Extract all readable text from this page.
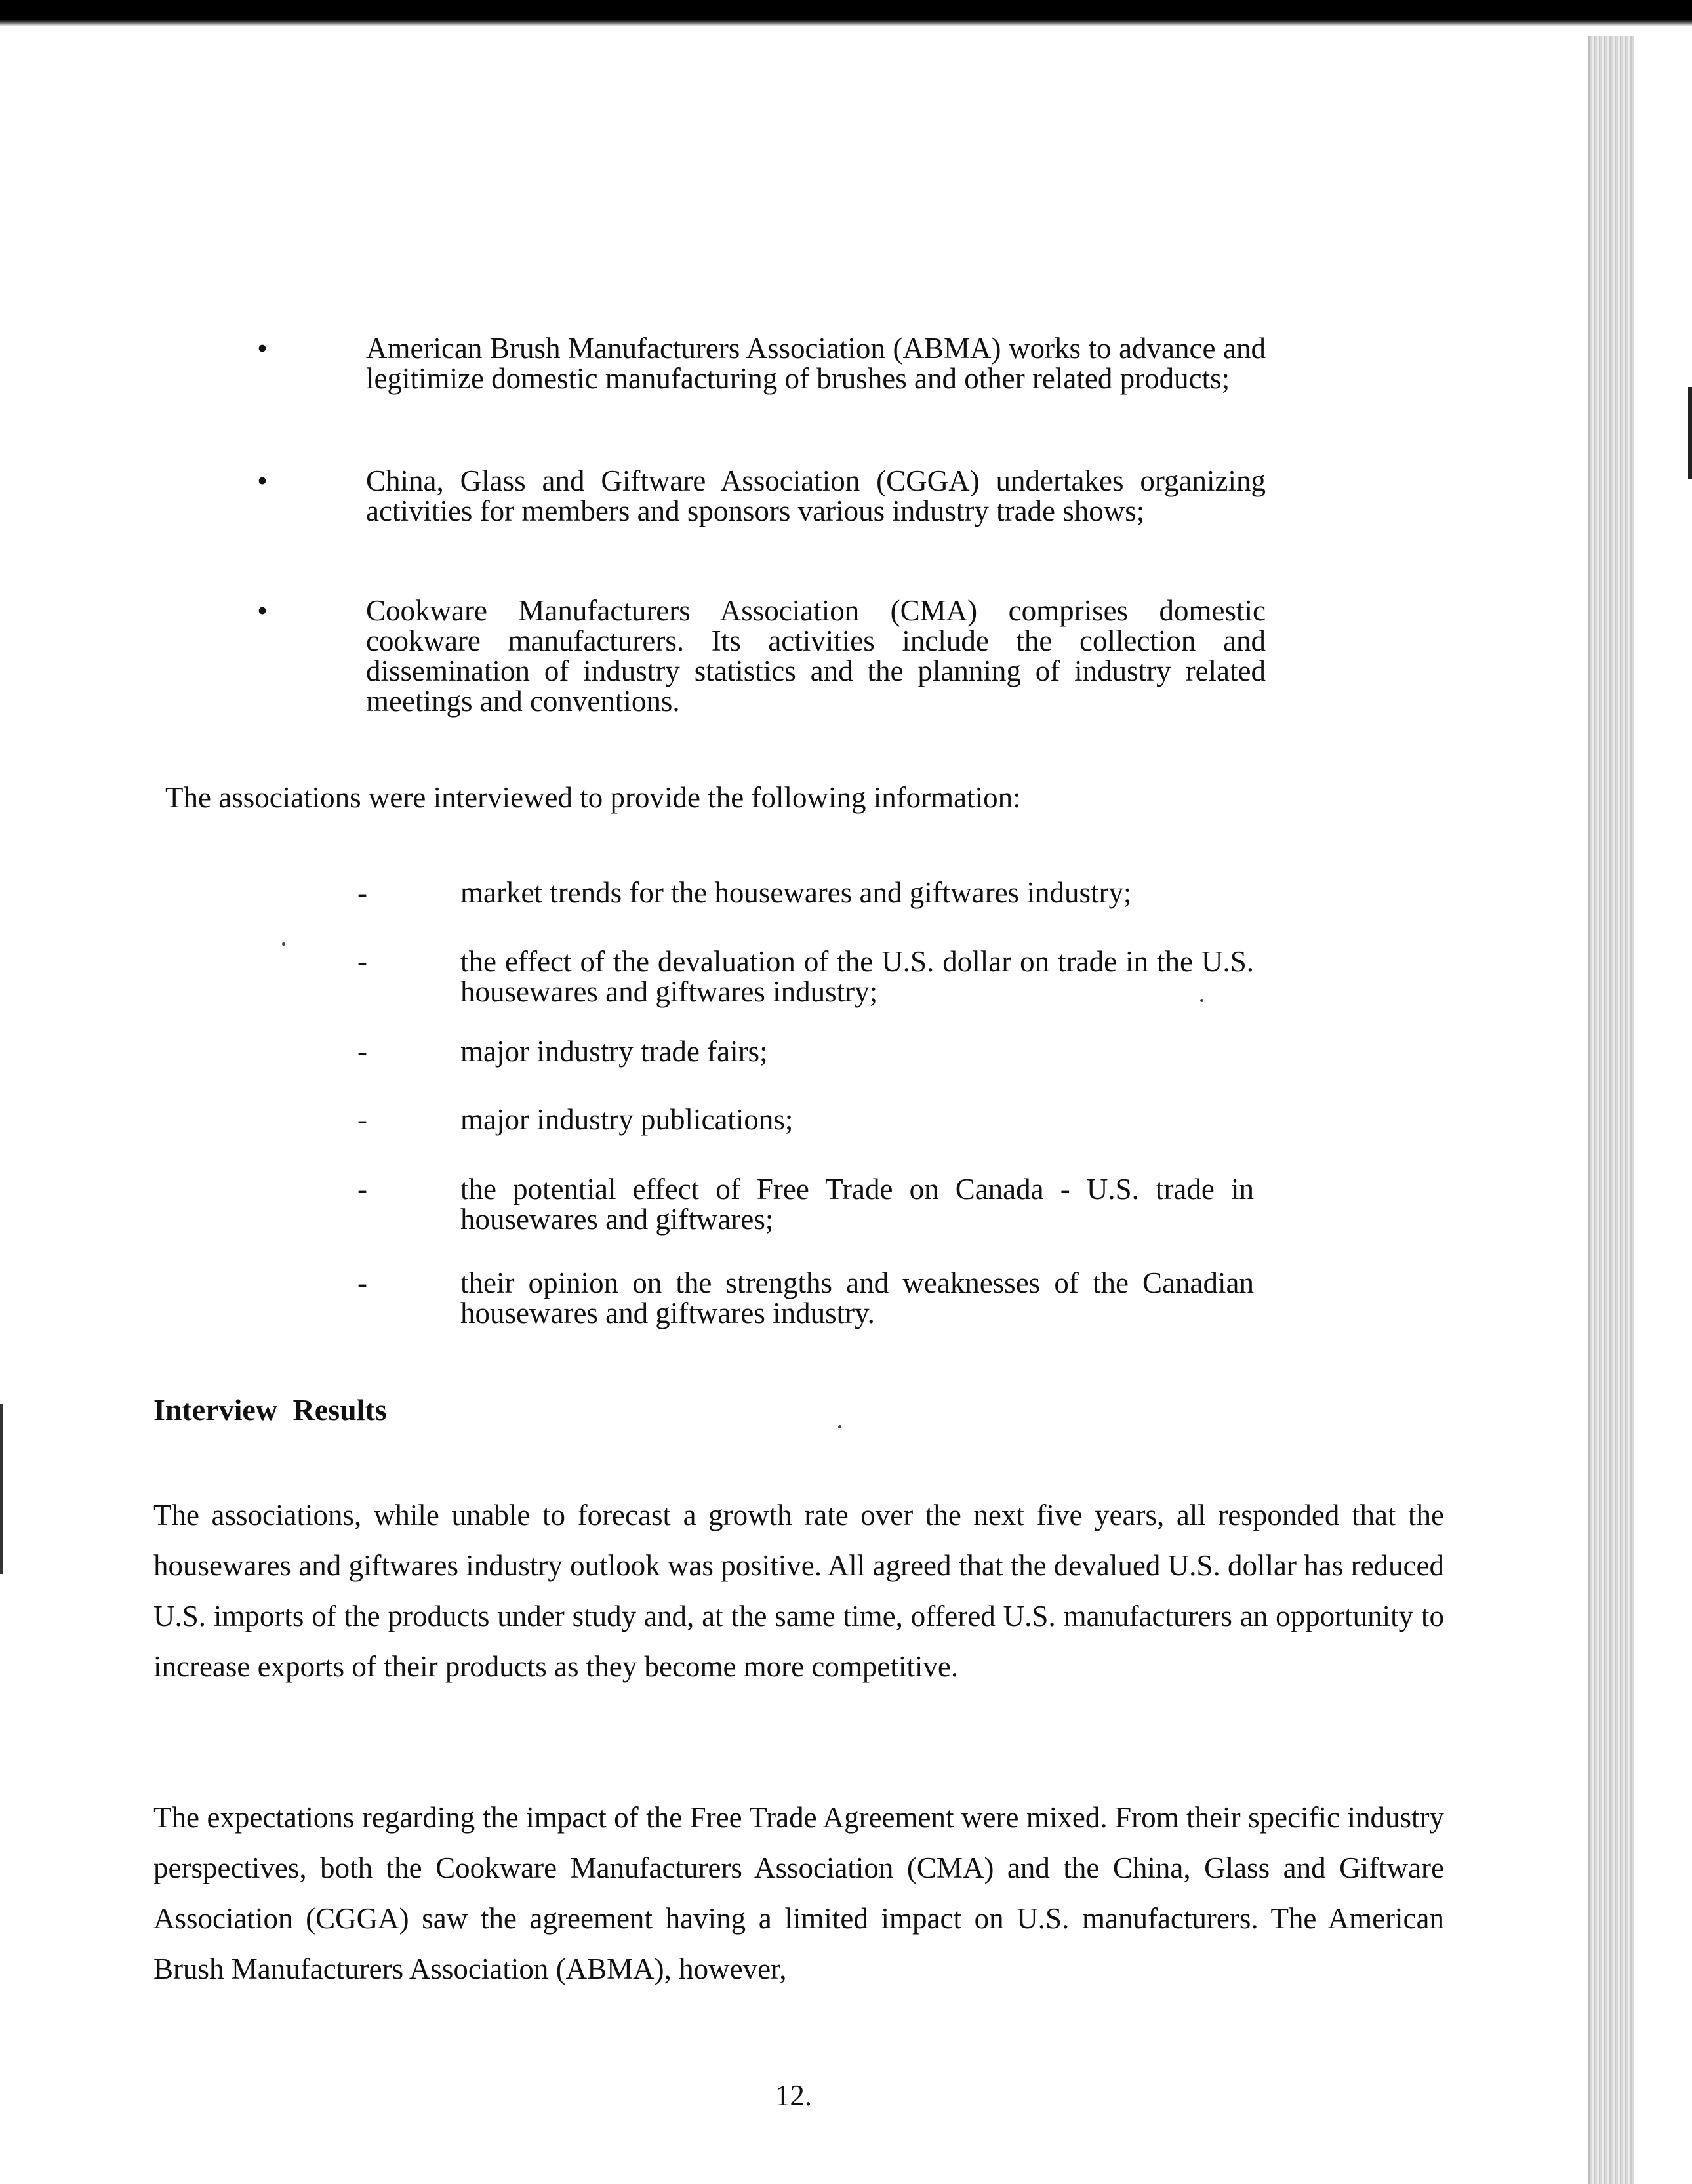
•	American Brush Manufacturers Association (ABMA) works to advance and legitimize domestic manufacturing of brushes and other related products;

•	China, Glass and Giftware Association (CGGA) undertakes organizing activities for members and sponsors various industry trade shows;

•	Cookware Manufacturers Association (CMA) comprises domestic cookware manufacturers. Its activities include the collection and dissemination of industry statistics and the planning of industry related meetings and conventions.

The associations were interviewed to provide the following information:

-	market trends for the housewares and giftwares industry;

-	the effect of the devaluation of the U.S. dollar on trade in the U.S. housewares and giftwares industry;

-	major industry trade fairs;

-	major industry publications;

-	the potential effect of Free Trade on Canada - U.S. trade in housewares and giftwares;

-	their opinion on the strengths and weaknesses of the Canadian housewares and giftwares industry.

Interview Results

The associations, while unable to forecast a growth rate over the next five years, all responded that the housewares and giftwares industry outlook was positive. All agreed that the devalued U.S. dollar has reduced U.S. imports of the products under study and, at the same time, offered U.S. manufacturers an opportunity to increase exports of their products as they become more competitive.

The expectations regarding the impact of the Free Trade Agreement were mixed. From their specific industry perspectives, both the Cookware Manufacturers Association (CMA) and the China, Glass and Giftware Association (CGGA) saw the agreement having a limited impact on U.S. manufacturers. The American Brush Manufacturers Association (ABMA), however,

12.
